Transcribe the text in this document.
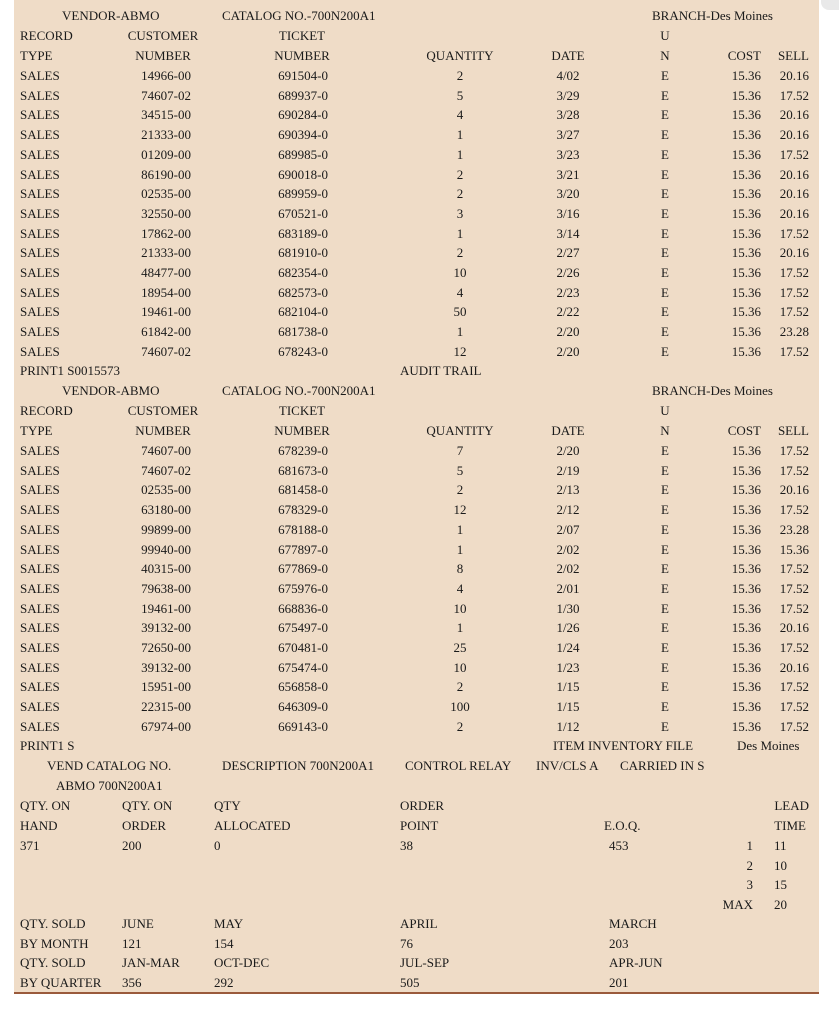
VENDOR-ABMO	CATALOG NO.-700N200A1	BRANCH-Des Moines
RECORD	CUSTOMER	TICKET	U
TYPE	NUMBER	NUMBER	QUANTITY	DATE	N	COST SELL
SALES	14966-00	691504-0	2	4/02	E	15.36 20.16
SALES	74607-02	689937-0	5	3/29	E	15.36 17.52
SALES	34515-00	690284-0	4	3/28	E	15.36 20.16
SALES	21333-00	690394-0	1	3/27	E	15.36 20.16
SALES	01209-00	689985-0	1	3/23	E	15.36 17.52
SALES	86190-00	690018-0	2	3/21	E	15.36 20.16
SALES	02535-00	689959-0	2	3/20	E	15.36 20.16
SALES	32550-00	670521-0	3	3/16	E	15.36 20.16
SALES	17862-00	683189-0	1	3/14	E	15.36 17.52
SALES	21333-00	681910-0	2	2/27	E	15.36 20.16
SALES	48477-00	682354-0	10	2/26	E	15.36 17.52
SALES	18954-00	682573-0	4	2/23	E	15.36 17.52
SALES	19461-00	682104-0	50	2/22	E	15.36 17.52
SALES	61842-00	681738-0	1	2/20	E	15.36 23.28
SALES	74607-02	678243-0	12	2/20	E	15.36 17.52
PRINT1 S0015573	AUDIT TRAIL
VENDOR-ABMO	CATALOG NO.-700N200A1	BRANCH-Des Moines
RECORD	CUSTOMER	TICKET	U
TYPE	NUMBER	NUMBER	QUANTITY	DATE	N	COST SELL
SALES	74607-00	678239-0	7	2/20	E	15.36 17.52
SALES	74607-02	681673-0	5	2/19	E	15.36 17.52
SALES	02535-00	681458-0	2	2/13	E	15.36 20.16
SALES	63180-00	678329-0	12	2/12	E	15.36 17.52
SALES	99899-00	678188-0	1	2/07	E	15.36 23.28
SALES	99940-00	677897-0	1	2/02	E	15.36 15.36
SALES	40315-00	677869-0	8	2/02	E	15.36 17.52
SALES	79638-00	675976-0	4	2/01	E	15.36 17.52
SALES	19461-00	668836-0	10	1/30	E	15.36 17.52
SALES	39132-00	675497-0	1	1/26	E	15.36 20.16
SALES	72650-00	670481-0	25	1/24	E	15.36 17.52
SALES	39132-00	675474-0	10	1/23	E	15.36 20.16
SALES	15951-00	656858-0	2	1/15	E	15.36 17.52
SALES	22315-00	646309-0	100	1/15	E	15.36 17.52
SALES	67974-00	669143-0	2	1/12	E	15.36 17.52
PRINT1 S	ITEM INVENTORY FILE	Des Moines
VEND CATALOG NO.	DESCRIPTION 700N200A1 CONTROL RELAY INV/CLS A CARRIED IN S
ABMO 700N200A1
QTY. ON	QTY. ON	QTY	ORDER	LEAD
HAND	ORDER	ALLOCATED	POINT	E.O.Q.	TIME
371	200	0	38	453	1 11
2 10
3 15
MAX 20
QTY. SOLD	JUNE	MAY	APRIL	MARCH
BY MONTH	121	154	76	203
QTY. SOLD	JAN-MAR	OCT-DEC	JUL-SEP	APR-JUN
BY QUARTER 356	292	505	201
